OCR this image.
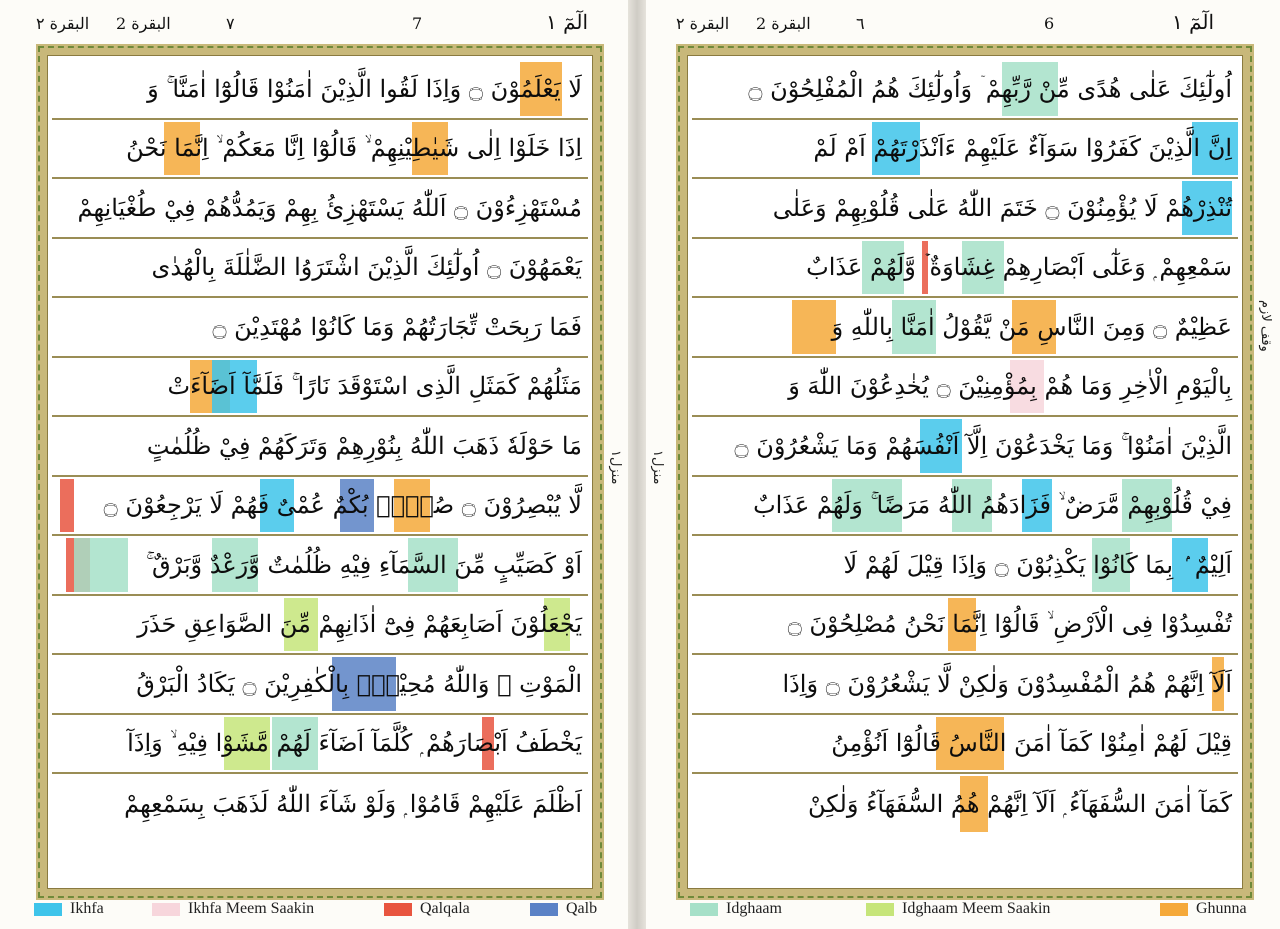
البقرة ٢ 2 البقرة	٧	7	الٓمٓ ۱	البقرة ٢ 2 البقرة	٦	6	الٓمٓ ۱
لَا يَعْلَمُوْنَ ۝ وَاِذَا لَقُوا الَّذِيْنَ اٰمَنُوْا قَالُوْٓا اٰمَنَّا ۚ وَ
اِذَا خَلَوْا اِلٰى شَيٰطِيْنِهِمْ ۙ قَالُوْٓا اِنَّا مَعَكُمْ ۙ اِنَّمَا نَحْنُ
مُسْتَهْزِءُوْنَ ۝ اَللّٰهُ يَسْتَهْزِئُ بِهِمْ وَيَمُدُّهُمْ فِيْ طُغْيَانِهِمْ
يَعْمَهُوْنَ ۝ اُولٰٓئِكَ الَّذِيْنَ اشْتَرَوُا الضَّلٰلَةَ بِالْهُدٰى
فَمَا رَبِحَتْ تِّجَارَتُهُمْ وَمَا كَانُوْا مُهْتَدِيْنَ ۝
مَثَلُهُمْ كَمَثَلِ الَّذِى اسْتَوْقَدَ نَارًا ۚ فَلَمَّآ اَضَآءَتْ
مَا حَوْلَهٗ ذَهَبَ اللّٰهُ بِنُوْرِهِمْ وَتَرَكَهُمْ فِيْ ظُلُمٰتٍ
لَّا يُبْصِرُوْنَ ۝ صُمٌّۢ بُكْمٌ عُمْىٌ فَهُمْ لَا يَرْجِعُوْنَ ۝
اَوْ كَصَيِّبٍ مِّنَ السَّمَآءِ فِيْهِ ظُلُمٰتٌ وَّرَعْدٌ وَّبَرْقٌ ۚ
يَجْعَلُوْنَ اَصَابِعَهُمْ فِىْٓ اٰذَانِهِمْ مِّنَ الصَّوَاعِقِ حَذَرَ
الْمَوْتِ ۭ وَاللّٰهُ مُحِيْطٌۢ بِالْكٰفِرِيْنَ ۝ يَكَادُ الْبَرْقُ
يَخْطَفُ اَبْصَارَهُمْ ۭ كُلَّمَآ اَضَآءَ لَهُمْ مَّشَوْا فِيْهِ ۙ وَاِذَآ
اَظْلَمَ عَلَيْهِمْ قَامُوْا ۭ وَلَوْ شَآءَ اللّٰهُ لَذَهَبَ بِسَمْعِهِمْ
اُولٰٓئِكَ عَلٰى هُدًى مِّنْ رَّبِّهِمْ ۤ وَاُولٰٓئِكَ هُمُ الْمُفْلِحُوْنَ ۝
اِنَّ الَّذِيْنَ كَفَرُوْا سَوَآءٌ عَلَيْهِمْ ءَاَنْذَرْتَهُمْ اَمْ لَمْ
تُنْذِرْهُمْ لَا يُؤْمِنُوْنَ ۝ خَتَمَ اللّٰهُ عَلٰى قُلُوْبِهِمْ وَعَلٰى
سَمْعِهِمْ ۭ وَعَلٰٓى اَبْصَارِهِمْ غِشَاوَةٌ ۡ وَّلَهُمْ عَذَابٌ
عَظِيْمٌ ۝ وَمِنَ النَّاسِ مَنْ يَّقُوْلُ اٰمَنَّا بِاللّٰهِ وَ
بِالْيَوْمِ الْاٰخِرِ وَمَا هُمْ بِمُؤْمِنِيْنَ ۝ يُخٰدِعُوْنَ اللّٰهَ وَ
الَّذِيْنَ اٰمَنُوْا ۚ وَمَا يَخْدَعُوْنَ اِلَّآ اَنْفُسَهُمْ وَمَا يَشْعُرُوْنَ ۝
فِيْ قُلُوْبِهِمْ مَّرَضٌ ۙ فَزَادَهُمُ اللّٰهُ مَرَضًا ۚ وَلَهُمْ عَذَابٌ
اَلِيْمٌ ۢ بِمَا كَانُوْا يَكْذِبُوْنَ ۝ وَاِذَا قِيْلَ لَهُمْ لَا
تُفْسِدُوْا فِى الْاَرْضِ ۙ قَالُوْٓا اِنَّمَا نَحْنُ مُصْلِحُوْنَ ۝
اَلَآ اِنَّهُمْ هُمُ الْمُفْسِدُوْنَ وَلٰكِنْ لَّا يَشْعُرُوْنَ ۝ وَاِذَا
قِيْلَ لَهُمْ اٰمِنُوْا كَمَآ اٰمَنَ النَّاسُ قَالُوْٓا اَنُؤْمِنُ
كَمَآ اٰمَنَ السُّفَهَآءُ ۭ اَلَآ اِنَّهُمْ هُمُ السُّفَهَآءُ وَلٰكِنْ
منزل١
منزل١
وقف لازم
Ikhfa	Ikhfa Meem Saakin	Qalqala	Qalb	Idghaam	Idghaam Meem Saakin	Ghunna
